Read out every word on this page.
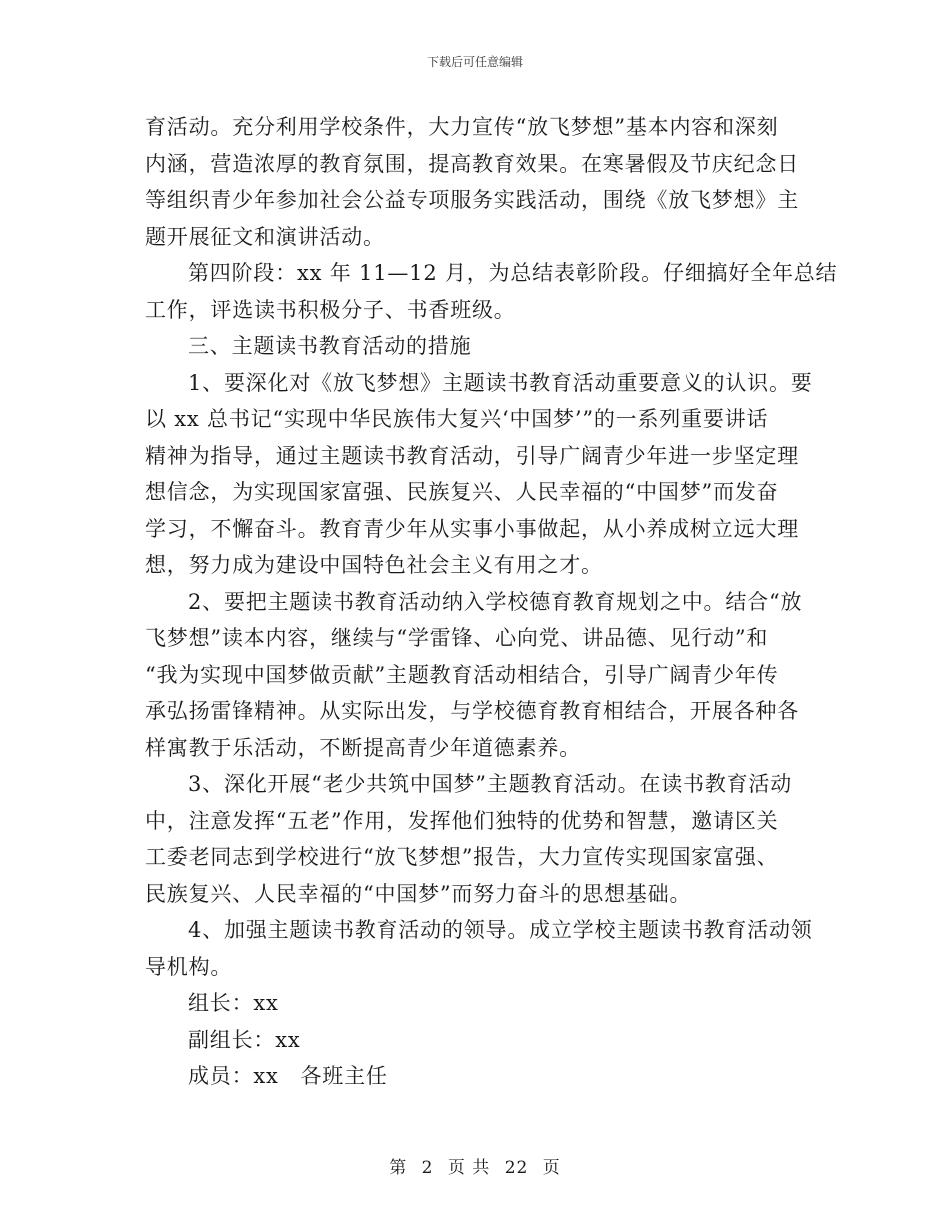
下载后可任意编辑
育活动。充分利用学校条件，大力宣传“放飞梦想”基本内容和深刻
内涵，营造浓厚的教育氛围，提高教育效果。在寒暑假及节庆纪念日
等组织青少年参加社会公益专项服务实践活动，围绕《放飞梦想》主
题开展征文和演讲活动。
第四阶段：xx 年 11—12 月，为总结表彰阶段。仔细搞好全年总结
工作，评选读书积极分子、书香班级。
三、主题读书教育活动的措施
1、要深化对《放飞梦想》主题读书教育活动重要意义的认识。要
以 xx 总书记“实现中华民族伟大复兴‘中国梦’”的一系列重要讲话
精神为指导，通过主题读书教育活动，引导广阔青少年进一步坚定理
想信念，为实现国家富强、民族复兴、人民幸福的“中国梦”而发奋
学习，不懈奋斗。教育青少年从实事小事做起，从小养成树立远大理
想，努力成为建设中国特色社会主义有用之才。
2、要把主题读书教育活动纳入学校德育教育规划之中。结合“放
飞梦想”读本内容，继续与“学雷锋、心向党、讲品德、见行动”和
“我为实现中国梦做贡献”主题教育活动相结合，引导广阔青少年传
承弘扬雷锋精神。从实际出发，与学校德育教育相结合，开展各种各
样寓教于乐活动，不断提高青少年道德素养。
3、深化开展“老少共筑中国梦”主题教育活动。在读书教育活动
中，注意发挥“五老”作用，发挥他们独特的优势和智慧，邀请区关
工委老同志到学校进行“放飞梦想”报告，大力宣传实现国家富强、
民族复兴、人民幸福的“中国梦”而努力奋斗的思想基础。
4、加强主题读书教育活动的领导。成立学校主题读书教育活动领
导机构。
组长：xx
副组长：xx
成员：xx　各班主任
第 2 页 共 22 页
